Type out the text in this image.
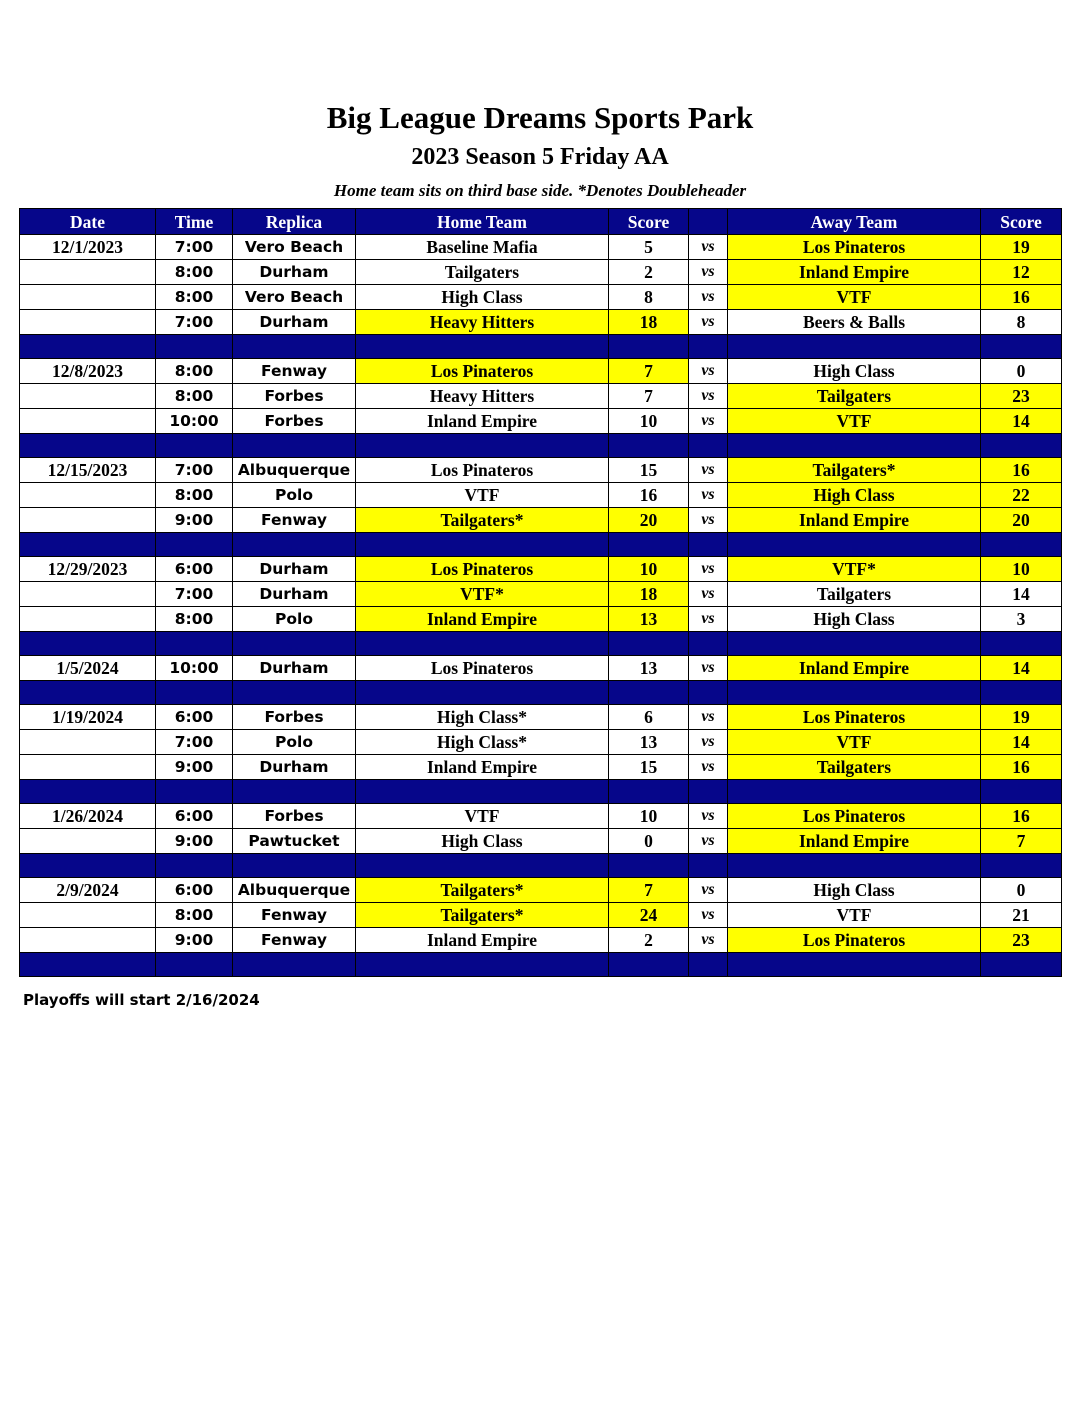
Big League Dreams Sports Park
2023 Season 5 Friday AA
Home team sits on third base side. *Denotes Doubleheader
Date	Time	Replica	Home Team	Score		Away Team	Score
12/1/2023	7:00	Vero Beach	Baseline Mafia	5	vs	Los Pinateros	19
	8:00	Durham	Tailgaters	2	vs	Inland Empire	12
	8:00	Vero Beach	High Class	8	vs	VTF	16
	7:00	Durham	Heavy Hitters	18	vs	Beers & Balls	8

12/8/2023	8:00	Fenway	Los Pinateros	7	vs	High Class	0
	8:00	Forbes	Heavy Hitters	7	vs	Tailgaters	23
	10:00	Forbes	Inland Empire	10	vs	VTF	14

12/15/2023	7:00	Albuquerque	Los Pinateros	15	vs	Tailgaters*	16
	8:00	Polo	VTF	16	vs	High Class	22
	9:00	Fenway	Tailgaters*	20	vs	Inland Empire	20

12/29/2023	6:00	Durham	Los Pinateros	10	vs	VTF*	10
	7:00	Durham	VTF*	18	vs	Tailgaters	14
	8:00	Polo	Inland Empire	13	vs	High Class	3

1/5/2024	10:00	Durham	Los Pinateros	13	vs	Inland Empire	14

1/19/2024	6:00	Forbes	High Class*	6	vs	Los Pinateros	19
	7:00	Polo	High Class*	13	vs	VTF	14
	9:00	Durham	Inland Empire	15	vs	Tailgaters	16

1/26/2024	6:00	Forbes	VTF	10	vs	Los Pinateros	16
	9:00	Pawtucket	High Class	0	vs	Inland Empire	7

2/9/2024	6:00	Albuquerque	Tailgaters*	7	vs	High Class	0
	8:00	Fenway	Tailgaters*	24	vs	VTF	21
	9:00	Fenway	Inland Empire	2	vs	Los Pinateros	23

Playoffs will start 2/16/2024
